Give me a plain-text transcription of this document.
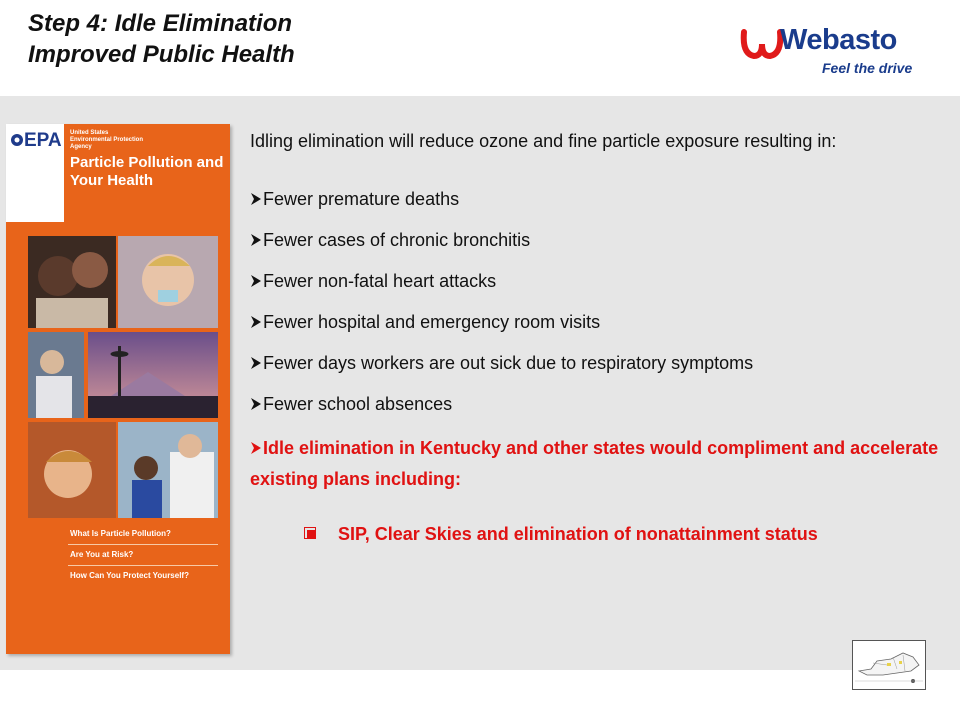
Step 4: Idle Elimination
Improved Public Health	Webasto
Feel the drive
EPA United States
Environmental Protection
Agency
Particle Pollution and Your Health
What Is Particle Pollution?
Are You at Risk?
How Can You Protect Yourself?

Idling elimination will reduce ozone and fine particle exposure resulting in:

Fewer premature deaths
Fewer cases of chronic bronchitis
Fewer non-fatal heart attacks
Fewer hospital and emergency room visits
Fewer days workers are out sick due to respiratory symptoms
Fewer school absences

Idle elimination in Kentucky and other states would compliment and accelerate existing plans including:

SIP, Clear Skies and elimination of nonattainment status
